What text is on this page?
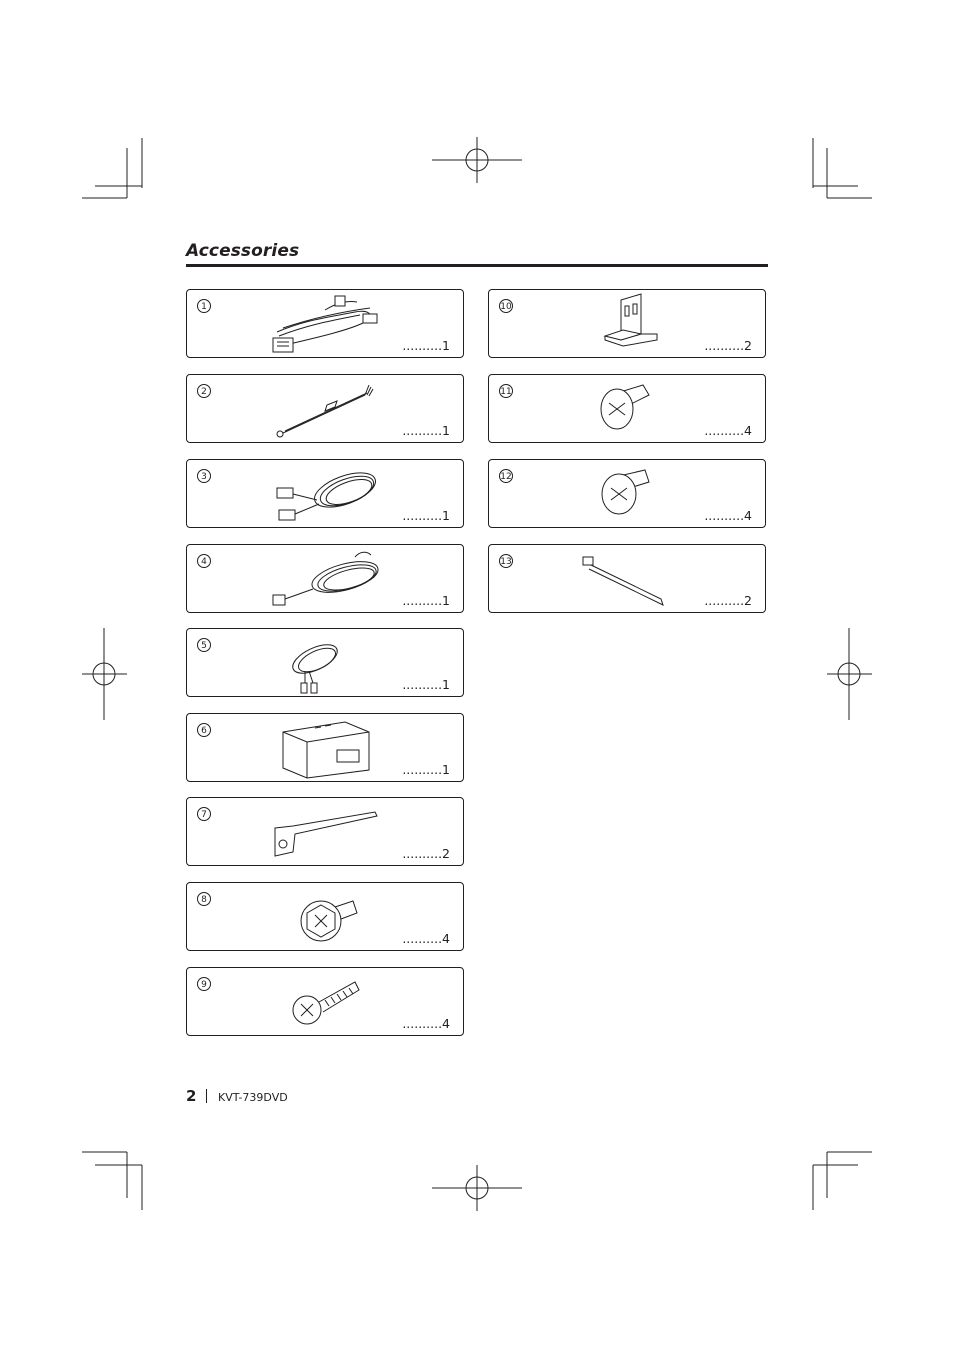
Accessories
1
..........1
2
..........1
3
..........1
4
..........1
5
..........1
6
..........1
7
..........2
8
..........4
9
..........4
10
..........2
11
..........4
12
..........4
13
..........2
2 KVT-739DVD
